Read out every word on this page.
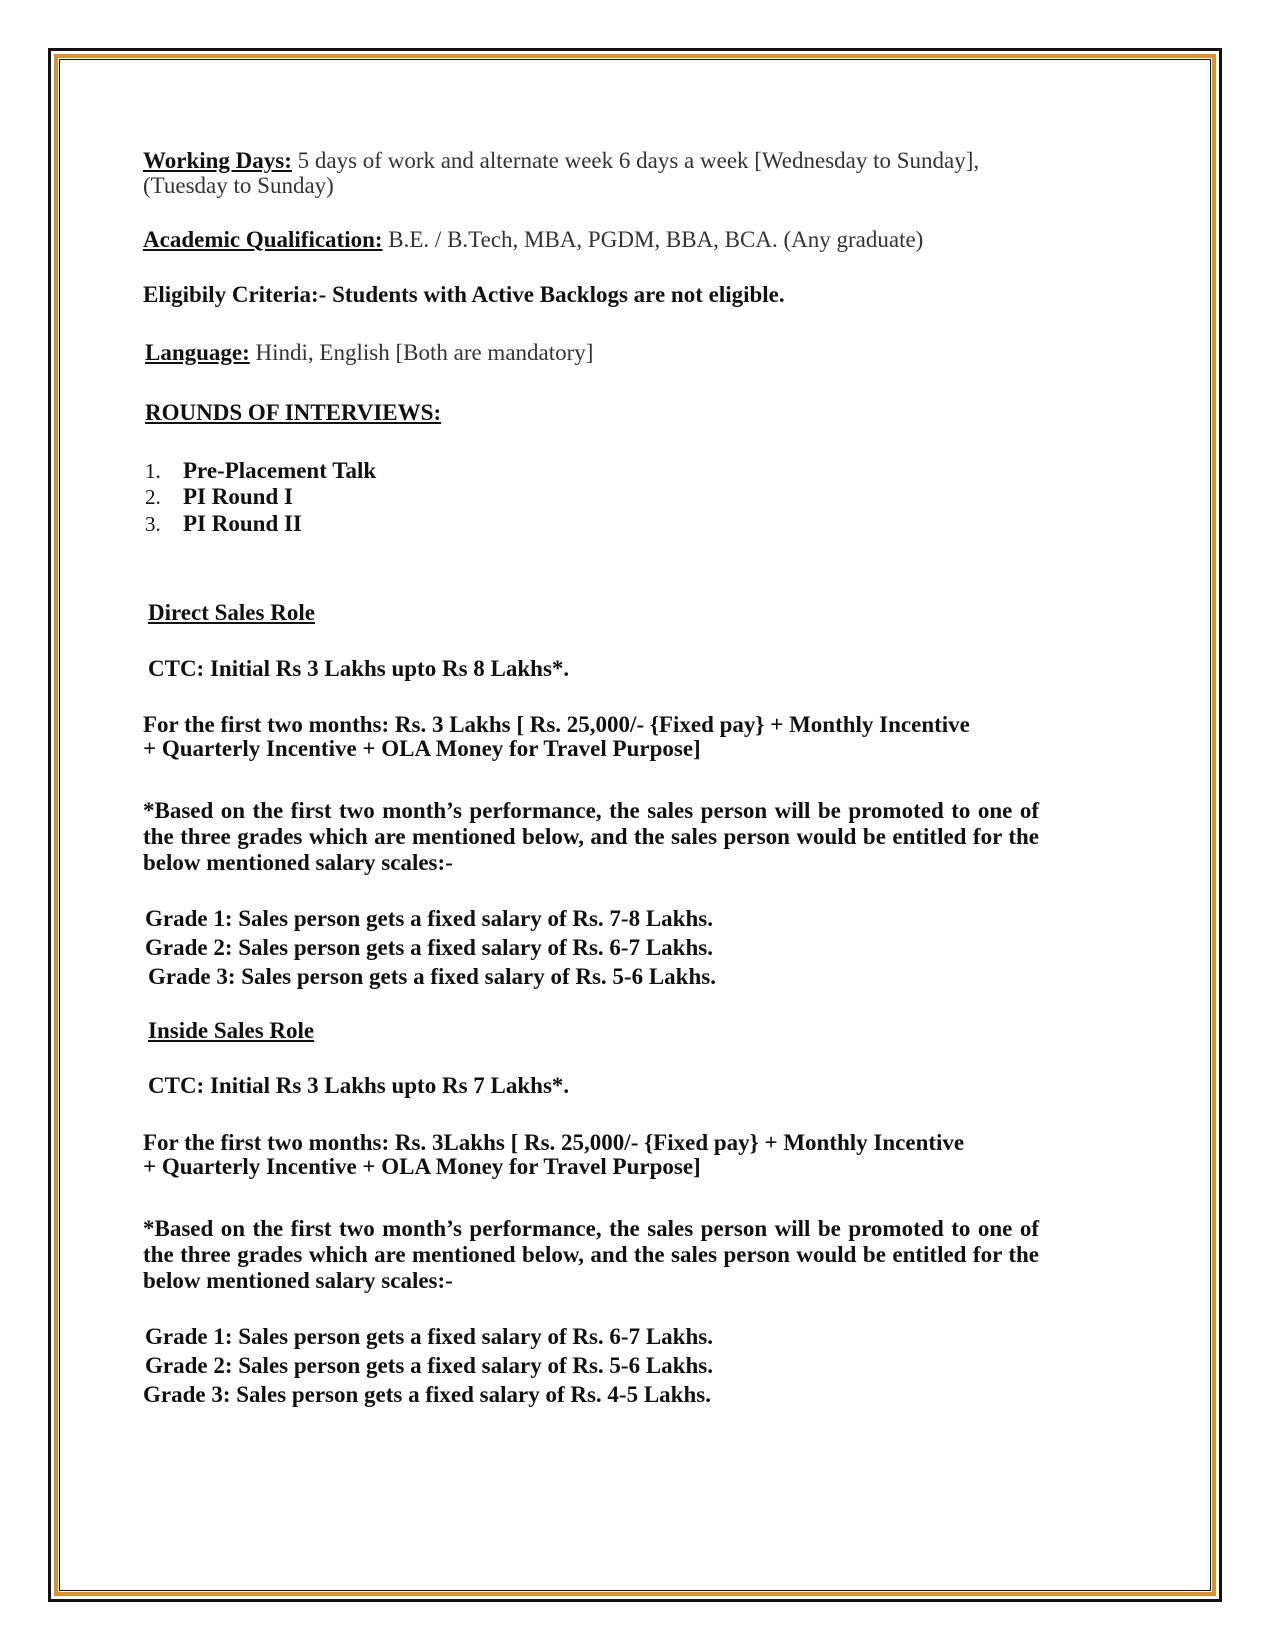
Working Days: 5 days of work and alternate week 6 days a week [Wednesday to Sunday],
(Tuesday to Sunday)
Academic Qualification: B.E. / B.Tech, MBA, PGDM, BBA, BCA. (Any graduate)
Eligibily Criteria:- Students with Active Backlogs are not eligible.
Language: Hindi, English [Both are mandatory]
ROUNDS OF INTERVIEWS:
1. Pre-Placement Talk
2. PI Round I
3. PI Round II
Direct Sales Role
CTC: Initial Rs 3 Lakhs upto Rs 8 Lakhs*.
For the first two months: Rs. 3 Lakhs [ Rs. 25,000/- {Fixed pay} + Monthly Incentive
+ Quarterly Incentive + OLA Money for Travel Purpose]
*Based on the first two month’s performance, the sales person will be promoted to one of the three grades which are mentioned below, and the sales person would be entitled for the below mentioned salary scales:-
Grade 1: Sales person gets a fixed salary of Rs. 7-8 Lakhs.
Grade 2: Sales person gets a fixed salary of Rs. 6-7 Lakhs.
Grade 3: Sales person gets a fixed salary of Rs. 5-6 Lakhs.
Inside Sales Role
CTC: Initial Rs 3 Lakhs upto Rs 7 Lakhs*.
For the first two months: Rs. 3Lakhs [ Rs. 25,000/- {Fixed pay} + Monthly Incentive
+ Quarterly Incentive + OLA Money for Travel Purpose]
*Based on the first two month’s performance, the sales person will be promoted to one of the three grades which are mentioned below, and the sales person would be entitled for the below mentioned salary scales:-
Grade 1: Sales person gets a fixed salary of Rs. 6-7 Lakhs.
Grade 2: Sales person gets a fixed salary of Rs. 5-6 Lakhs.
Grade 3: Sales person gets a fixed salary of Rs. 4-5 Lakhs.
